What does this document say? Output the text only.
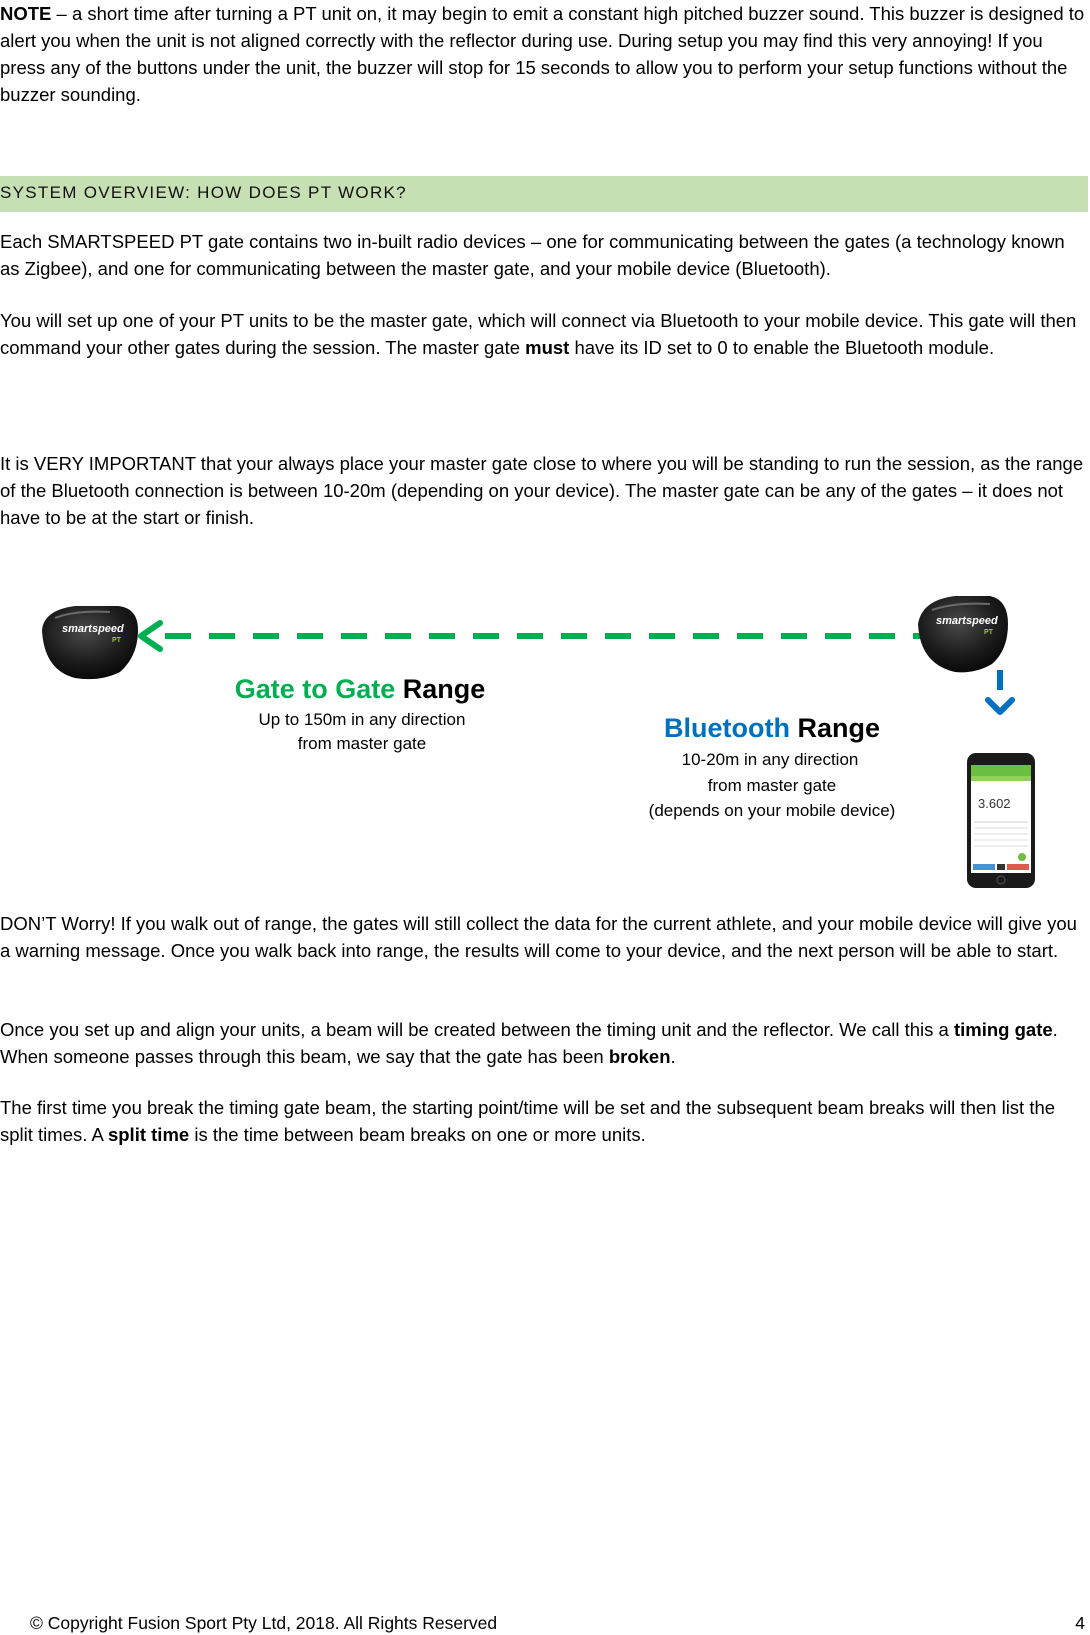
NOTE – a short time after turning a PT unit on, it may begin to emit a constant high pitched buzzer sound. This buzzer is designed to alert you when the unit is not aligned correctly with the reflector during use. During setup you may find this very annoying! If you press any of the buttons under the unit, the buzzer will stop for 15 seconds to allow you to perform your setup functions without the buzzer sounding.

SYSTEM OVERVIEW: HOW DOES PT WORK?

Each SMARTSPEED PT gate contains two in-built radio devices – one for communicating between the gates (a technology known as Zigbee), and one for communicating between the master gate, and your mobile device (Bluetooth).

You will set up one of your PT units to be the master gate, which will connect via Bluetooth to your mobile device. This gate will then command your other gates during the session. The master gate must have its ID set to 0 to enable the Bluetooth module.

It is VERY IMPORTANT that your always place your master gate close to where you will be standing to run the session, as the range of the Bluetooth connection is between 10-20m (depending on your device). The master gate can be any of the gates – it does not have to be at the start or finish.

smartspeed
PT
smartspeed
PT
Gate to Gate Range
Up to 150m in any direction
from master gate
Bluetooth Range
10-20m in any direction
from master gate
(depends on your mobile device)	3.602

DON’T Worry! If you walk out of range, the gates will still collect the data for the current athlete, and your mobile device will give you a warning message. Once you walk back into range, the results will come to your device, and the next person will be able to start.

Once you set up and align your units, a beam will be created between the timing unit and the reflector. We call this a timing gate. When someone passes through this beam, we say that the gate has been broken.

The first time you break the timing gate beam, the starting point/time will be set and the subsequent beam breaks will then list the split times. A split time is the time between beam breaks on one or more units.

© Copyright Fusion Sport Pty Ltd, 2018. All Rights Reserved	4
